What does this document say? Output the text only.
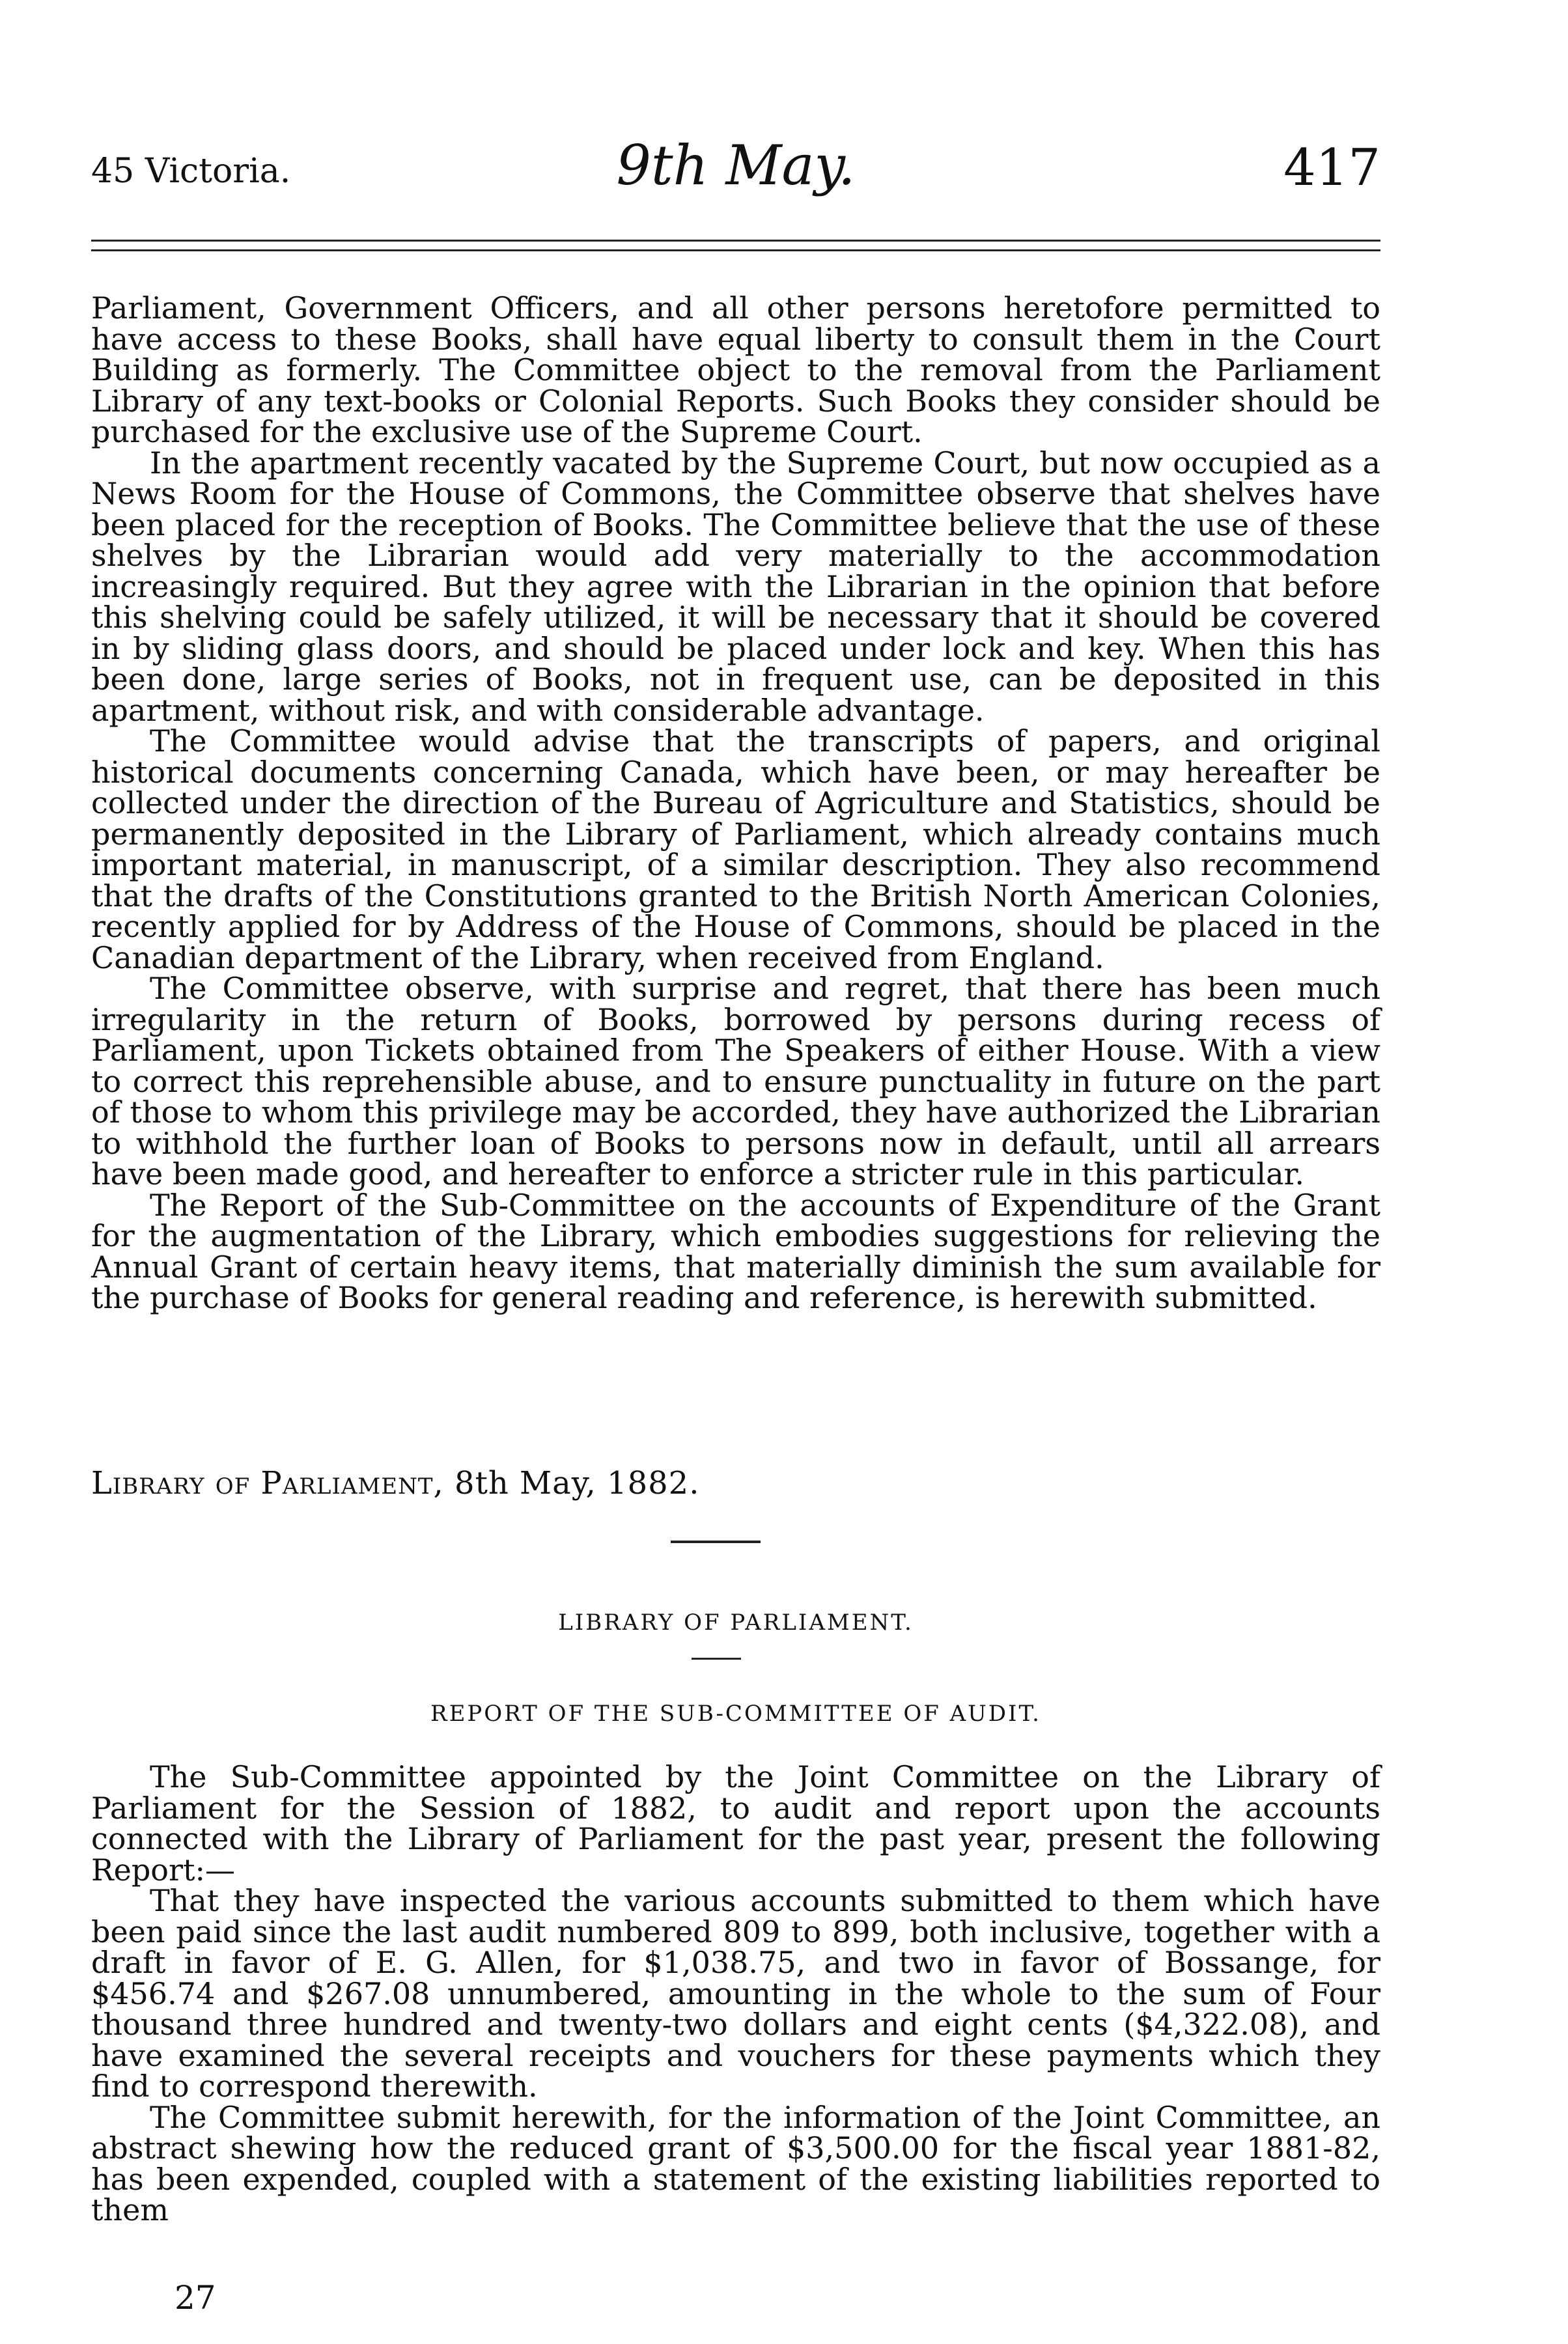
45 Victoria.	9th May.	417

Parliament, Government Officers, and all other persons heretofore permitted to have access to these Books, shall have equal liberty to consult them in the Court Building as formerly. The Committee object to the removal from the Parliament Library of any text-books or Colonial Reports. Such Books they consider should be purchased for the exclusive use of the Supreme Court.

In the apartment recently vacated by the Supreme Court, but now occupied as a News Room for the House of Commons, the Committee observe that shelves have been placed for the reception of Books. The Committee believe that the use of these shelves by the Librarian would add very materially to the accommodation increasingly required. But they agree with the Librarian in the opinion that before this shelving could be safely utilized, it will be necessary that it should be covered in by sliding glass doors, and should be placed under lock and key. When this has been done, large series of Books, not in frequent use, can be deposited in this apartment, without risk, and with considerable advantage.

The Committee would advise that the transcripts of papers, and original historical documents concerning Canada, which have been, or may hereafter be collected under the direction of the Bureau of Agriculture and Statistics, should be permanently deposited in the Library of Parliament, which already contains much important material, in manuscript, of a similar description. They also recommend that the drafts of the Constitutions granted to the British North American Colonies, recently applied for by Address of the House of Commons, should be placed in the Canadian department of the Library, when received from England.

The Committee observe, with surprise and regret, that there has been much irregularity in the return of Books, borrowed by persons during recess of Parliament, upon Tickets obtained from The Speakers of either House. With a view to correct this reprehensible abuse, and to ensure punctuality in future on the part of those to whom this privilege may be accorded, they have authorized the Librarian to withhold the further loan of Books to persons now in default, until all arrears have been made good, and hereafter to enforce a stricter rule in this particular.

The Report of the Sub-Committee on the accounts of Expenditure of the Grant for the augmentation of the Library, which embodies suggestions for relieving the Annual Grant of certain heavy items, that materially diminish the sum available for the purchase of Books for general reading and reference, is herewith submitted.

Library of Parliament, 8th May, 1882.
LIBRARY OF PARLIAMENT.
REPORT OF THE SUB-COMMITTEE OF AUDIT.

The Sub-Committee appointed by the Joint Committee on the Library of Parliament for the Session of 1882, to audit and report upon the accounts connected with the Library of Parliament for the past year, present the following Report:—

That they have inspected the various accounts submitted to them which have been paid since the last audit numbered 809 to 899, both inclusive, together with a draft in favor of E. G. Allen, for $1,038.75, and two in favor of Bossange, for $456.74 and $267.08 unnumbered, amounting in the whole to the sum of Four thousand three hundred and twenty-two dollars and eight cents ($4,322.08), and have examined the several receipts and vouchers for these payments which they find to correspond therewith.

The Committee submit herewith, for the information of the Joint Committee, an abstract shewing how the reduced grant of $3,500.00 for the fiscal year 1881-82, has been expended, coupled with a statement of the existing liabilities reported to them

27
